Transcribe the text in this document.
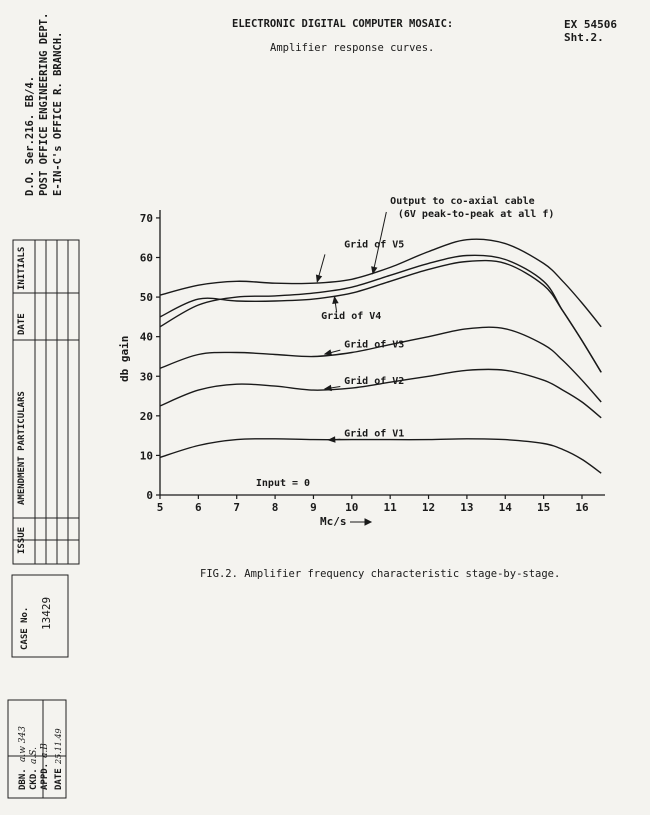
ELECTRONIC DIGITAL COMPUTER MOSAIC:
Amplifier response curves.
EX 54506
Sht.2.
D.O. Ser.216. EB/4. POST OFFICE ENGINEERING DEPT. E-IN-C's OFFICE R. BRANCH.
INITIALS
DATE
AMENDMENT PARTICULARS
ISSUE
CASE No. 13429
DBN.
a.w 343
CKD.
a.S.
APPD.
a.B
DATE
25.11.49
FIG.2. Amplifier frequency characteristic stage-by-stage.
0
10
20
30
40
50
60
70
5	6	7	8	9	10 11 12 13 14 15 16
Output to co-axial cable
(6V peak-to-peak at all f)
Grid of V5
Grid of V4
Grid of V3
Grid of V2
Grid of V1
Input = 0
db gain
Mc/s
